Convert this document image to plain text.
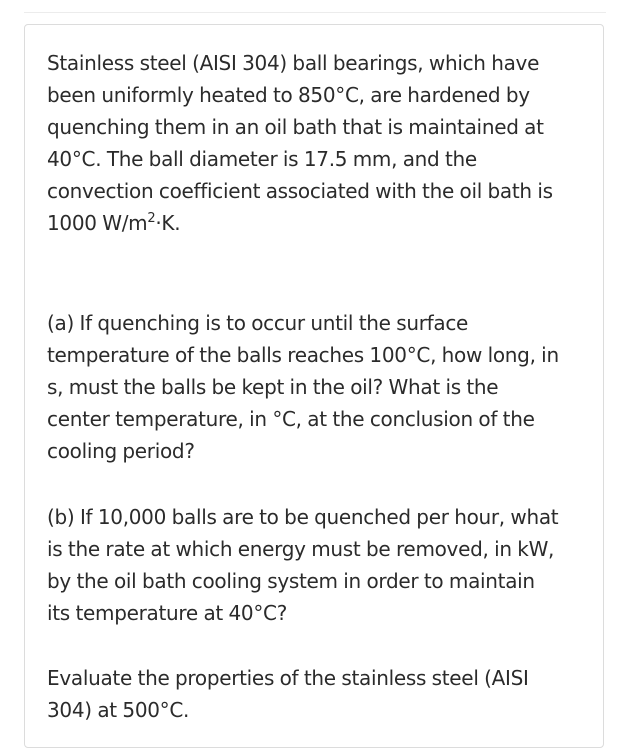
Stainless steel (AISI 304) ball bearings, which have
been uniformly heated to 850°C, are hardened by
quenching them in an oil bath that is maintained at
40°C. The ball diameter is 17.5 mm, and the
convection coefficient associated with the oil bath is
1000 $W/m^2\cdot K$.
(a) If quenching is to occur until the surface
temperature of the balls reaches 100°C, how long, in
s, must the balls be kept in the oil? What is the
center temperature, in °C, at the conclusion of the
cooling period?
(b) If 10,000 balls are to be quenched per hour, what
is the rate at which energy must be removed, in kW,
by the oil bath cooling system in order to maintain
its temperature at 40°C?
Evaluate the properties of the stainless steel (AISI
304) at 500°C.
